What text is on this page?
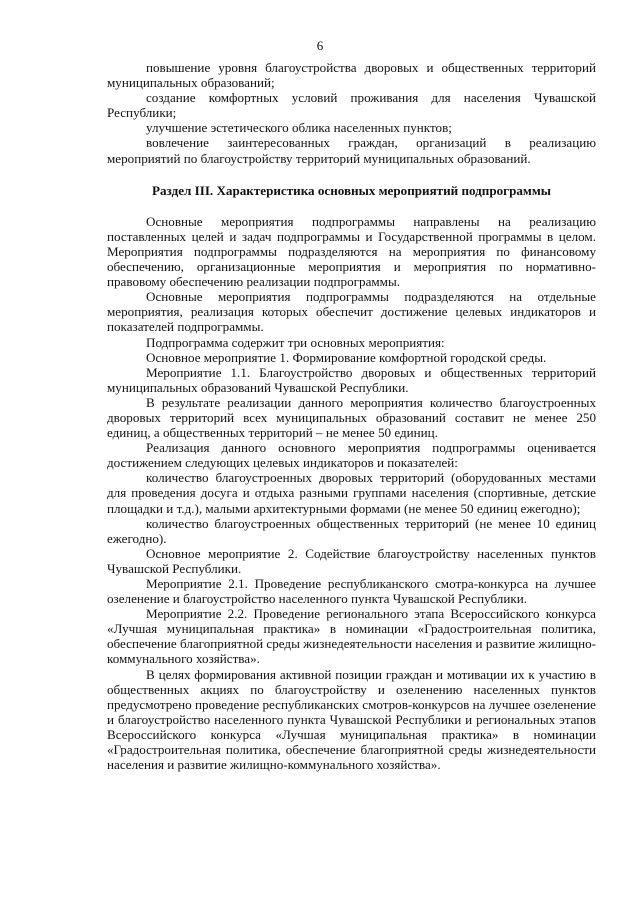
6

повышение уровня благоустройства дворовых и общественных территорий муниципальных образований;

создание комфортных условий проживания для населения Чувашской Республики;

улучшение эстетического облика населенных пунктов;

вовлечение заинтересованных граждан, организаций в реализацию мероприятий по благоустройству территорий муниципальных образований.

Раздел III. Характеристика основных мероприятий подпрограммы

Основные мероприятия подпрограммы направлены на реализацию поставленных целей и задач подпрограммы и Государственной программы в целом. Мероприятия подпрограммы подразделяются на мероприятия по финансовому обеспечению, организационные мероприятия и мероприятия по нормативно-правовому обеспечению реализации подпрограммы.

Основные мероприятия подпрограммы подразделяются на отдельные мероприятия, реализация которых обеспечит достижение целевых индикаторов и показателей подпрограммы.

Подпрограмма содержит три основных мероприятия:

Основное мероприятие 1. Формирование комфортной городской среды.

Мероприятие 1.1. Благоустройство дворовых и общественных территорий муниципальных образований Чувашской Республики.

В результате реализации данного мероприятия количество благоустроенных дворовых территорий всех муниципальных образований составит не менее 250 единиц, а общественных территорий – не менее 50 единиц.

Реализация данного основного мероприятия подпрограммы оценивается достижением следующих целевых индикаторов и показателей:

количество благоустроенных дворовых территорий (оборудованных местами для проведения досуга и отдыха разными группами населения (спортивные, детские площадки и т.д.), малыми архитектурными формами (не менее 50 единиц ежегодно);

количество благоустроенных общественных территорий (не менее 10 единиц ежегодно).

Основное мероприятие 2. Содействие благоустройству населенных пунктов Чувашской Республики.

Мероприятие 2.1. Проведение республиканского смотра-конкурса на лучшее озеленение и благоустройство населенного пункта Чувашской Республики.

Мероприятие 2.2. Проведение регионального этапа Всероссийского конкурса «Лучшая муниципальная практика» в номинации «Градостроительная политика, обеспечение благоприятной среды жизнедеятельности населения и развитие жилищно-коммунального хозяйства».

В целях формирования активной позиции граждан и мотивации их к участию в общественных акциях по благоустройству и озеленению населенных пунктов предусмотрено проведение республиканских смотров-конкурсов на лучшее озеленение и благоустройство населенного пункта Чувашской Республики и региональных этапов Всероссийского конкурса «Лучшая муниципальная практика» в номинации «Градостроительная политика, обеспечение благоприятной среды жизнедеятельности населения и развитие жилищно-коммунального хозяйства».
